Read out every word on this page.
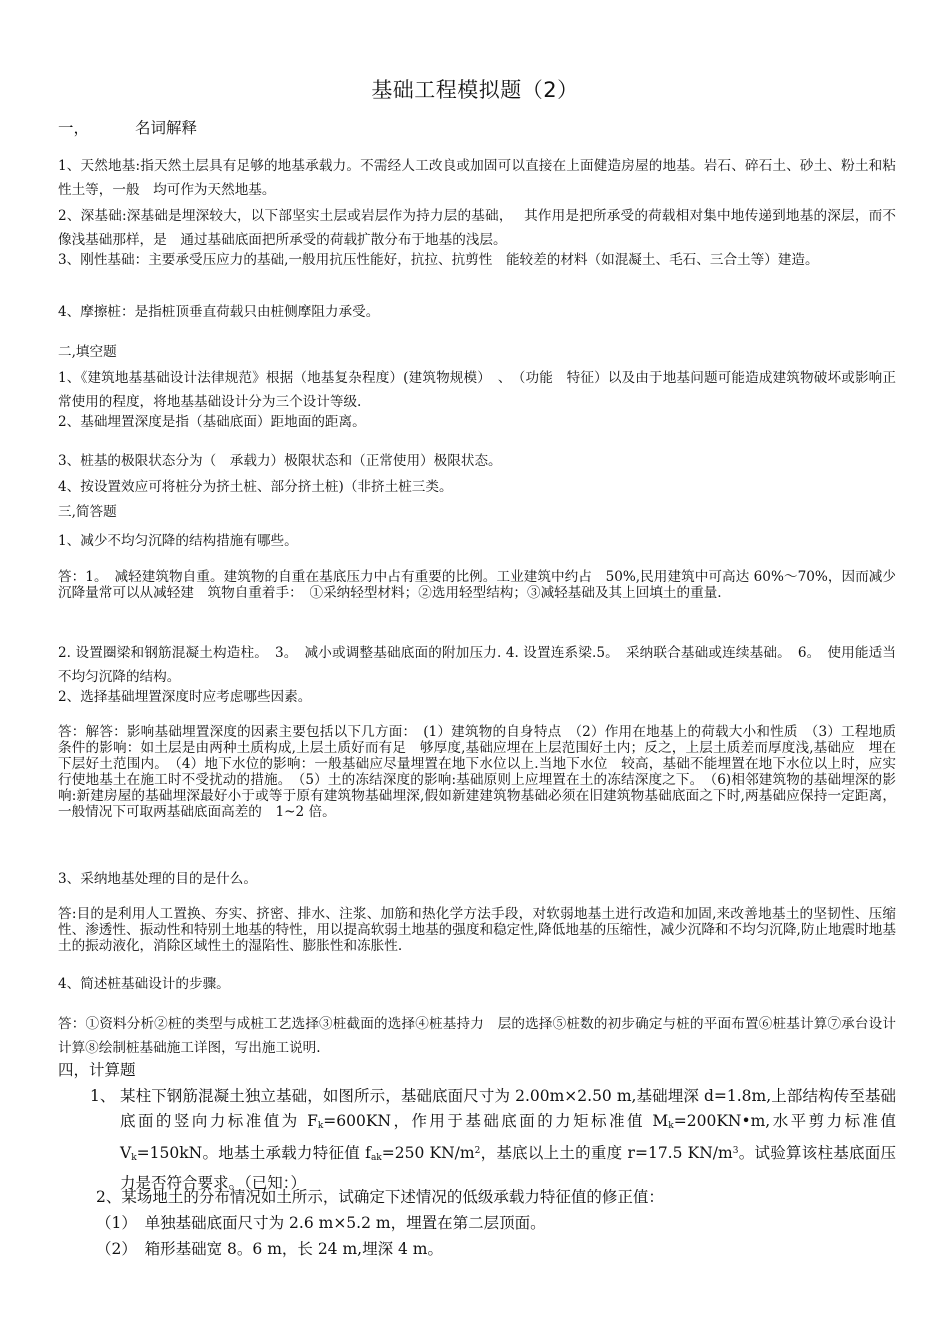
基础工程模拟题（2）
一，	名词解释
1、天然地基:指天然土层具有足够的地基承载力。不需经人工改良或加固可以直接在上面健造房屋的地基。岩石、碎石土、砂土、粉土和粘性土等，一般　均可作为天然地基。
2、深基础:深基础是埋深较大，以下部坚实土层或岩层作为持力层的基础，　 其作用是把所承受的荷载相对集中地传递到地基的深层，而不像浅基础那样，是　通过基础底面把所承受的荷载扩散分布于地基的浅层。
3、刚性基础：主要承受压应力的基础,一般用抗压性能好，抗拉、抗剪性　能较差的材料（如混凝土、毛石、三合土等）建造。
4、摩擦桩：是指桩顶垂直荷载只由桩侧摩阻力承受。
二,填空题
1、《建筑地基基础设计法律规范》根据（地基复杂程度）(建筑物规模）　、　（功能　特征）以及由于地基问题可能造成建筑物破坏或影响正常使用的程度，将地基基础设计分为三个设计等级.
2、基础埋置深度是指（基础底面）距地面的距离。
3、桩基的极限状态分为（　承载力）极限状态和（正常使用）极限状态。
4、按设置效应可将桩分为挤土桩、部分挤土桩)（非挤土桩三类。
三,简答题
1、减少不均匀沉降的结构措施有哪些。
答：1。　减轻建筑物自重。建筑物的自重在基底压力中占有重要的比例。工业建筑中约占　50%,民用建筑中可高达 60%～70%，因而减少沉降量常可以从减轻建　筑物自重着手：　①采纳轻型材料；②选用轻型结构；③减轻基础及其上回填土的重量.
2. 设置圈梁和钢筋混凝土构造柱。　3。　减小或调整基础底面的附加压力. 4. 设置连系梁.5。　采纳联合基础或连续基础。　6。　使用能适当不均匀沉降的结构。
2、选择基础埋置深度时应考虑哪些因素。
答：解答：影响基础埋置深度的因素主要包括以下几方面：　(1）建筑物的自身特点　（2）作用在地基上的荷载大小和性质　（3）工程地质条件的影响：如土层是由两种土质构成,上层土质好而有足　够厚度,基础应埋在上层范围好土内；反之，上层土质差而厚度浅,基础应　埋在下层好土范围内。　（4）地下水位的影响：一般基础应尽量埋置在地下水位以上.当地下水位　较高，基础不能埋置在地下水位以上时，应实行使地基土在施工时不受扰动的措施。　（5）土的冻结深度的影响:基础原则上应埋置在土的冻结深度之下。　（6)相邻建筑物的基础埋深的影响:新建房屋的基础埋深最好小于或等于原有建筑物基础埋深,假如新建建筑物基础必须在旧建筑物基础底面之下时,两基础应保持一定距离，一般情况下可取两基础底面高差的　1~2 倍。
3、采纳地基处理的目的是什么。
答:目的是利用人工置换、夯实、挤密、排水、注浆、加筋和热化学方法手段，对软弱地基土进行改造和加固,来改善地基土的坚韧性、压缩性、渗透性、振动性和特别土地基的特性，用以提高软弱土地基的强度和稳定性,降低地基的压缩性，减少沉降和不均匀沉降,防止地震时地基土的振动液化，消除区域性土的湿陷性、膨胀性和冻胀性.
4、简述桩基础设计的步骤。
答：①资料分析②桩的类型与成桩工艺选择③桩截面的选择④桩基持力　层的选择⑤桩数的初步确定与桩的平面布置⑥桩基计算⑦承台设计计算⑧绘制桩基础施工详图，写出施工说明.
四，计算题
1、 某柱下钢筋混凝土独立基础，如图所示，基础底面尺寸为 2.00m×2.50 m,基础埋深 d=1.8m,上部结构传至基础底面的竖向力标准值为 $F_k=600KN$，作用于基础底面的力矩标准值 $M_k=200KN•m$,水平剪力标准值 $V_k=150kN$。地基土承载力特征值 $f_{ak}=250$ $KN/m^2$，基底以上土的重度 r=17.5 $KN/m^3$。试验算该柱基底面压力是否符合要求。（已知：）
2、某场地土的分布情况如土所示，试确定下述情况的低级承载力特征值的修正值：
（1）　单独基础底面尺寸为 2.6 m×5.2 m，埋置在第二层顶面。
（2）　箱形基础宽 8。6 m，长 24 m,埋深 4 m。
